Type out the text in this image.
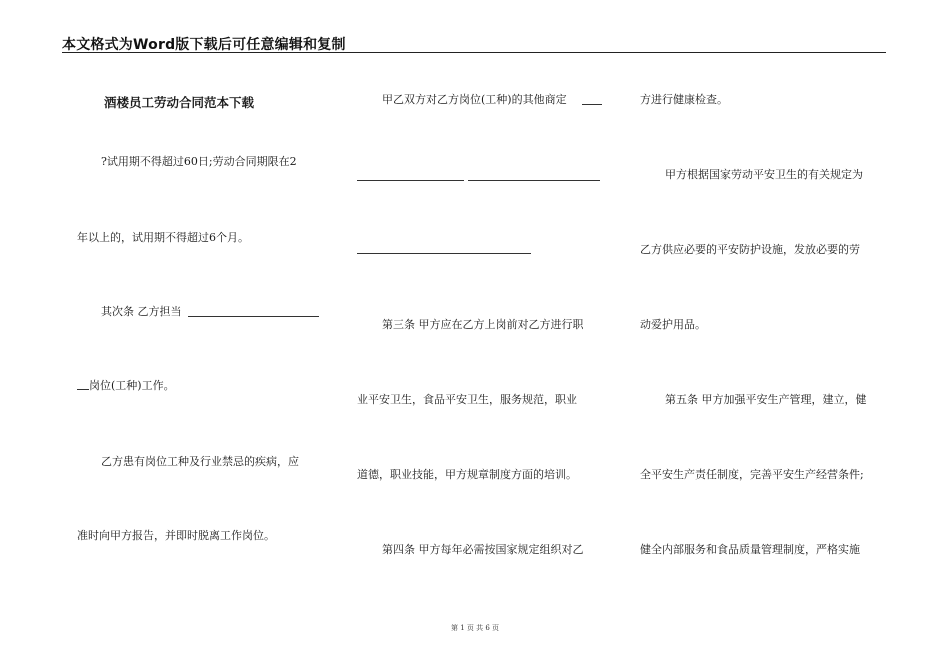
本文格式为Word版下载后可任意编辑和复制
酒楼员工劳动合同范本下载
?试用期不得超过60日;劳动合同期限在2
年以上的，试用期不得超过6个月。
其次条 乙方担当
岗位(工种)工作。
乙方患有岗位工种及行业禁忌的疾病，应
准时向甲方报告，并即时脱离工作岗位。
甲乙双方对乙方岗位(工种)的其他商定
第三条 甲方应在乙方上岗前对乙方进行职
业平安卫生，食品平安卫生，服务规范，职业
道德，职业技能，甲方规章制度方面的培训。
第四条 甲方每年必需按国家规定组织对乙
方进行健康检查。
甲方根据国家劳动平安卫生的有关规定为
乙方供应必要的平安防护设施，发放必要的劳
动爱护用品。
第五条 甲方加强平安生产管理，建立，健
全平安生产责任制度，完善平安生产经营条件;
健全内部服务和食品质量管理制度，严格实施
第 1 页 共 6 页
